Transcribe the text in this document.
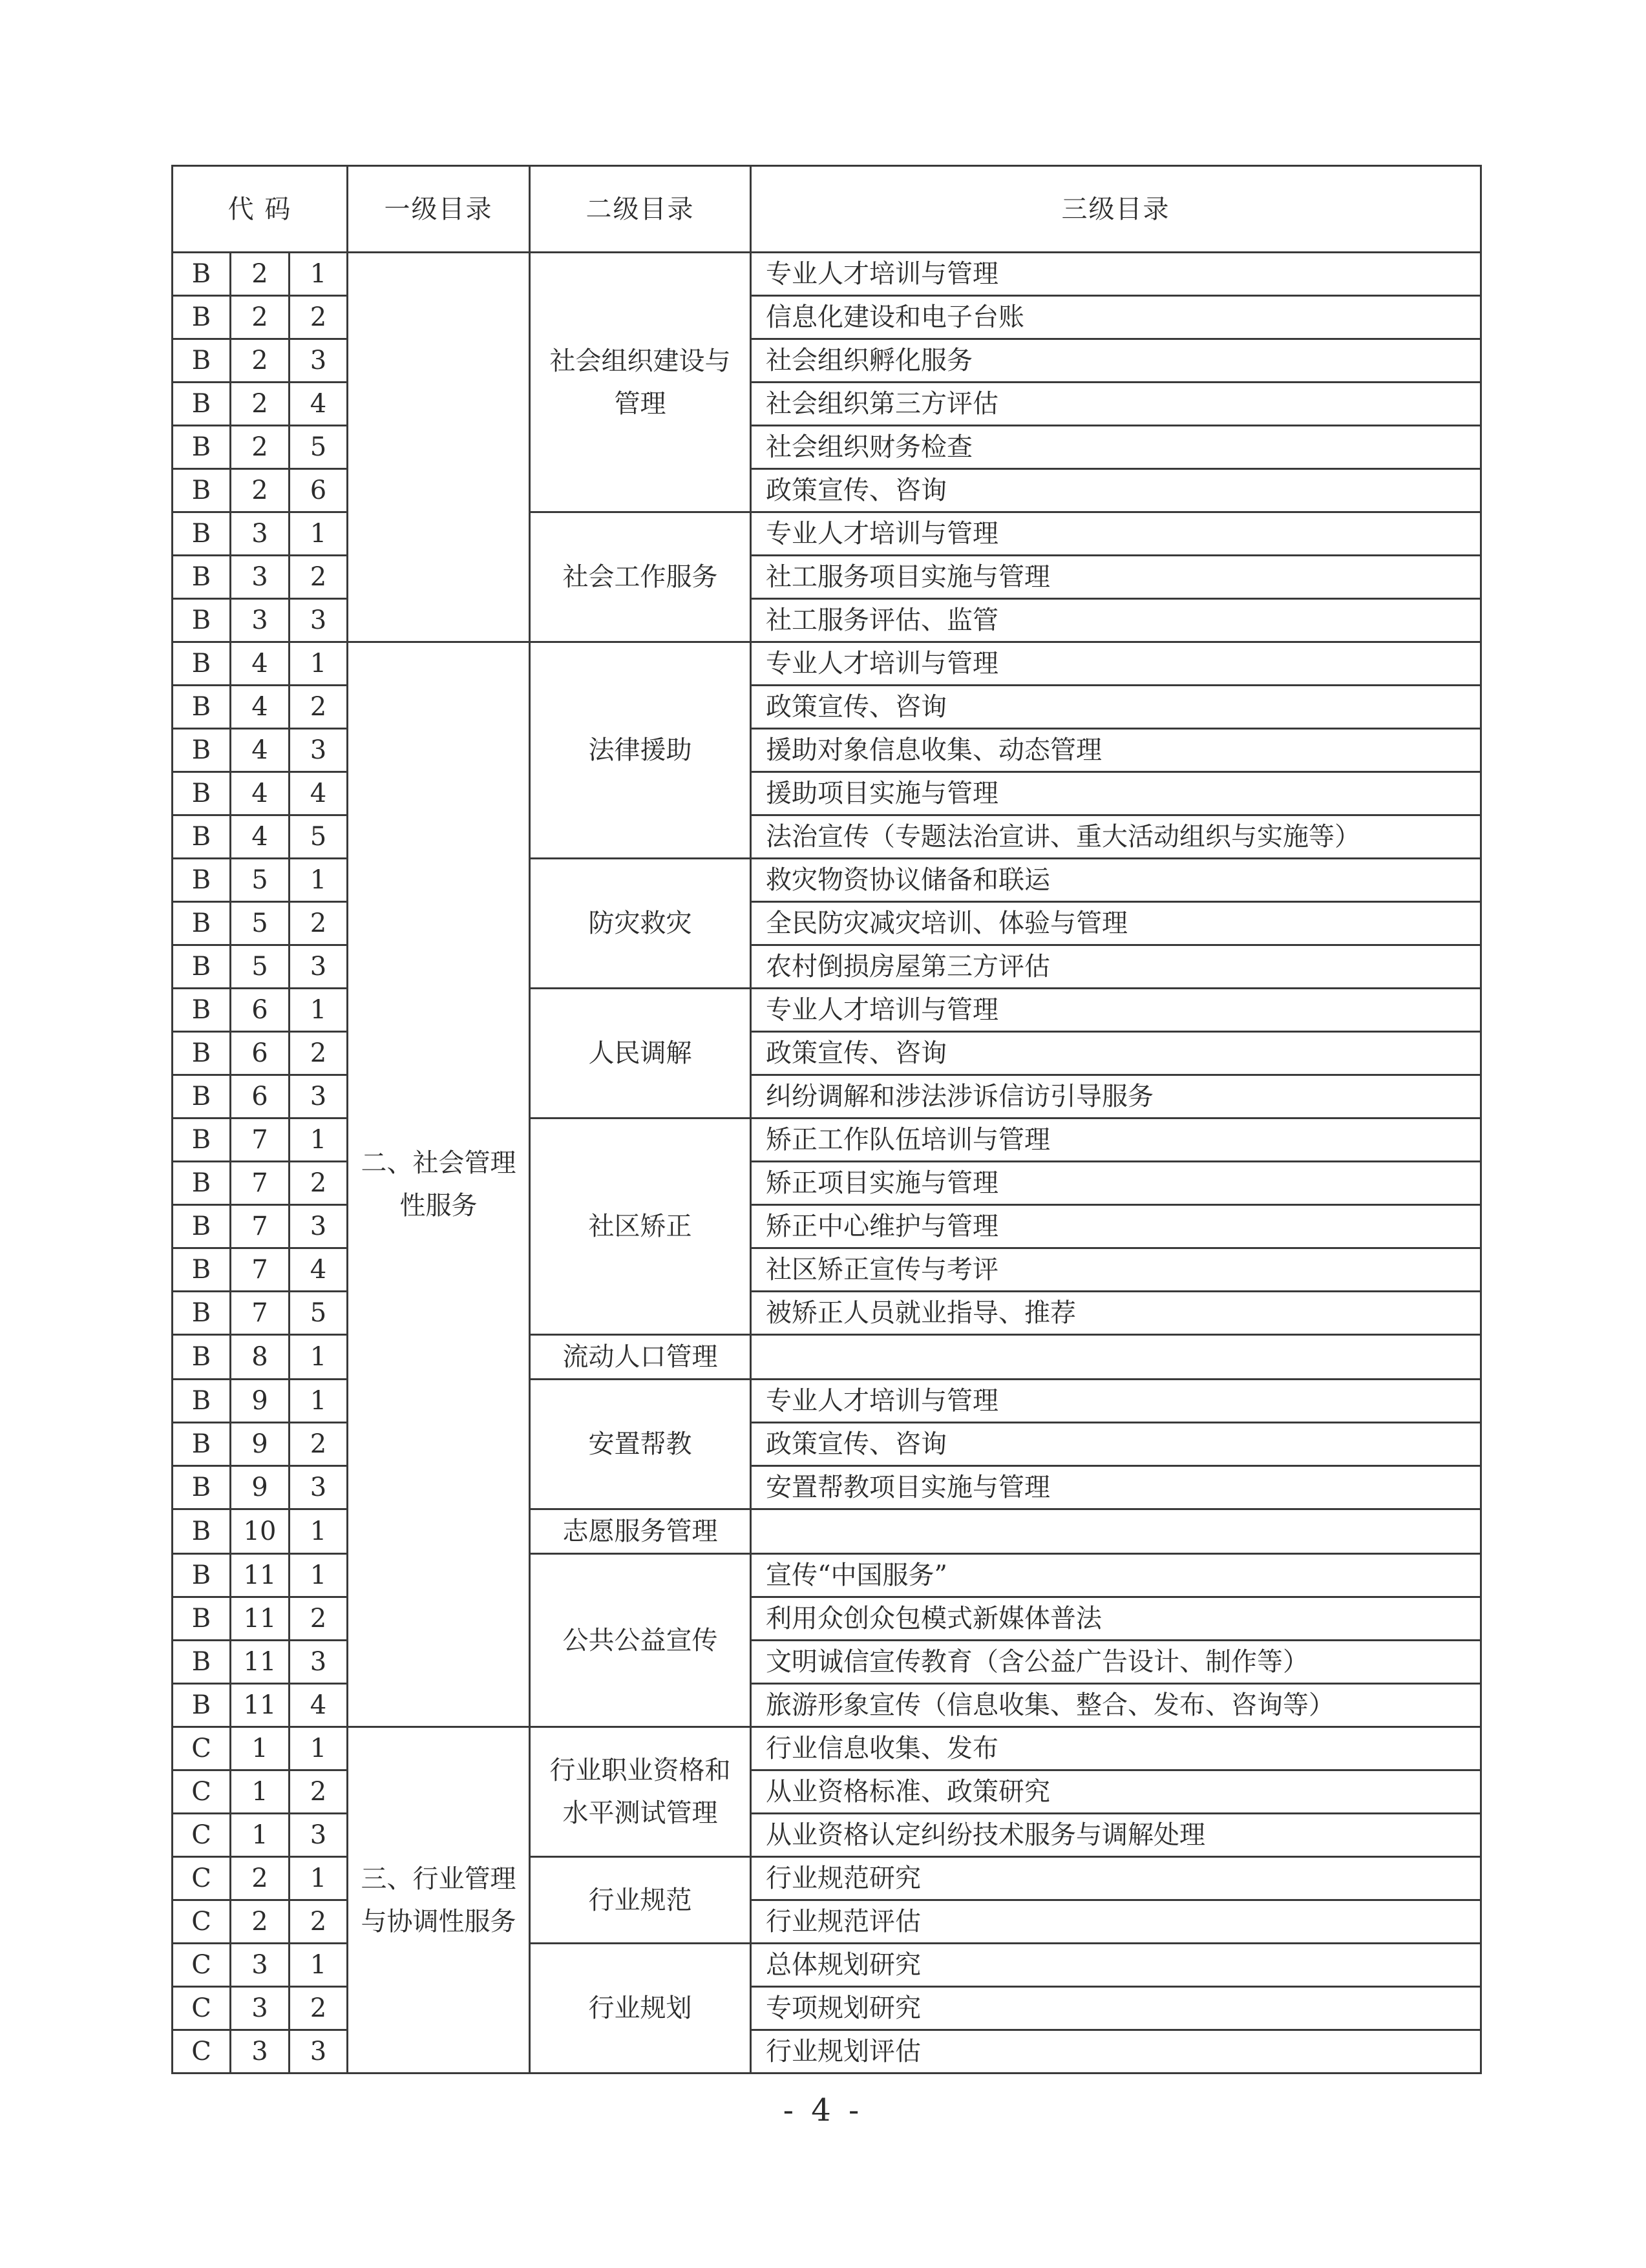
代 码			一级目录	二级目录	三级目录
B	2	1		社会组织建设与管理	专业人才培训与管理
B	2	2			信息化建设和电子台账
B	2	3			社会组织孵化服务
B	2	4			社会组织第三方评估
B	2	5			社会组织财务检查
B	2	6			政策宣传、咨询
B	3	1		社会工作服务	专业人才培训与管理
B	3	2			社工服务项目实施与管理
B	3	3			社工服务评估、监管
B	4	1	二、社会管理性服务	法律援助	专业人才培训与管理
B	4	2			政策宣传、咨询
B	4	3			援助对象信息收集、动态管理
B	4	4			援助项目实施与管理
B	4	5			法治宣传（专题法治宣讲、重大活动组织与实施等）
B	5	1		防灾救灾	救灾物资协议储备和联运
B	5	2			全民防灾减灾培训、体验与管理
B	5	3			农村倒损房屋第三方评估
B	6	1		人民调解	专业人才培训与管理
B	6	2			政策宣传、咨询
B	6	3			纠纷调解和涉法涉诉信访引导服务
B	7	1		社区矫正	矫正工作队伍培训与管理
B	7	2			矫正项目实施与管理
B	7	3			矫正中心维护与管理
B	7	4			社区矫正宣传与考评
B	7	5			被矫正人员就业指导、推荐
B	8	1		流动人口管理	
B	9	1		安置帮教	专业人才培训与管理
B	9	2			政策宣传、咨询
B	9	3			安置帮教项目实施与管理
B	10	1		志愿服务管理	
B	11	1		公共公益宣传	宣传“中国服务”
B	11	2			利用众创众包模式新媒体普法
B	11	3			文明诚信宣传教育（含公益广告设计、制作等）
B	11	4			旅游形象宣传（信息收集、整合、发布、咨询等）
C	1	1	三、行业管理与协调性服务	行业职业资格和水平测试管理	行业信息收集、发布
C	1	2			从业资格标准、政策研究
C	1	3			从业资格认定纠纷技术服务与调解处理
C	2	1		行业规范	行业规范研究
C	2	2			行业规范评估
C	3	1		行业规划	总体规划研究
C	3	2			专项规划研究
C	3	3			行业规划评估
- 4 -
